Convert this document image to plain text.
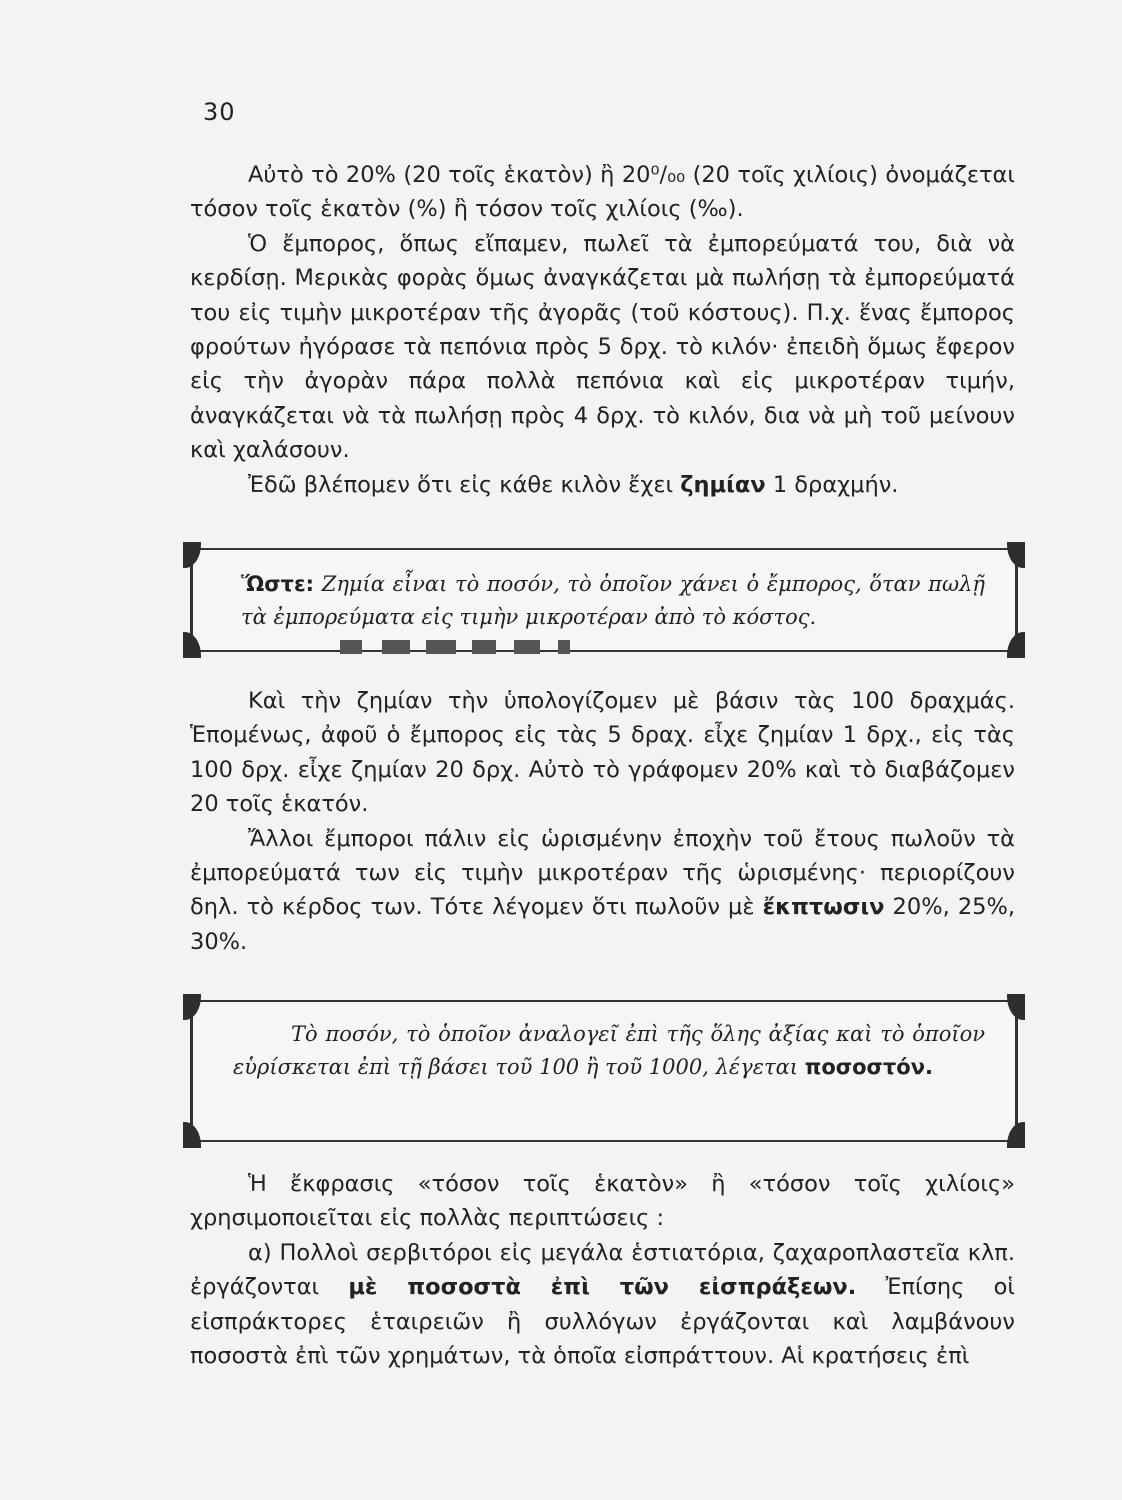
30
Αὐτὸ τὸ 20% (20 τοῖς ἑκατὸν) ἢ 20⁰/₀₀ (20 τοῖς χιλίοις) ὀνομάζεται τόσον τοῖς ἑκατὸν (%) ἢ τόσον τοῖς χιλίοις (‰).
Ὁ ἔμπορος, ὅπως εἴπαμεν, πωλεῖ τὰ ἐμπορεύματά του, διὰ νὰ κερδίσῃ. Μερικὰς φορὰς ὅμως ἀναγκάζεται μὰ πωλήσῃ τὰ ἐμπορεύματά του εἰς τιμὴν μικροτέραν τῆς ἀγορᾶς (τοῦ κόστους). Π.χ. ἕνας ἔμπορος φρούτων ἠγόρασε τὰ πεπόνια πρὸς 5 δρχ. τὸ κιλόν· ἐπειδὴ ὅμως ἔφερον εἰς τὴν ἀγορὰν πάρα πολλὰ πεπόνια καὶ εἰς μικροτέραν τιμήν, ἀναγκάζεται νὰ τὰ πωλήσῃ πρὸς 4 δρχ. τὸ κιλόν, δια νὰ μὴ τοῦ μείνουν καὶ χαλάσουν.
Ἐδῶ βλέπομεν ὅτι εἰς κάθε κιλὸν ἔχει ζημίαν 1 δραχμήν.
Ὥστε: Ζημία εἶναι τὸ ποσόν, τὸ ὁποῖον χάνει ὁ ἔμπορος, ὅταν πωλῇ τὰ ἐμπορεύματα εἰς τιμὴν μικροτέραν ἀπὸ τὸ κόστος.
Καὶ τὴν ζημίαν τὴν ὑπολογίζομεν μὲ βάσιν τὰς 100 δραχμάς. Ἑπομένως, ἀφοῦ ὁ ἔμπορος εἰς τὰς 5 δραχ. εἶχε ζημίαν 1 δρχ., εἰς τὰς 100 δρχ. εἶχε ζημίαν 20 δρχ. Αὐτὸ τὸ γράφομεν 20% καὶ τὸ διαβάζομεν 20 τοῖς ἑκατόν.
Ἄλλοι ἔμποροι πάλιν εἰς ὡρισμένην ἐποχὴν τοῦ ἔτους πωλοῦν τὰ ἐμπορεύματά των εἰς τιμὴν μικροτέραν τῆς ὡρισμένης· περιορίζουν δηλ. τὸ κέρδος των. Τότε λέγομεν ὅτι πωλοῦν μὲ ἔκπτωσιν 20%, 25%, 30%.
Τὸ ποσόν, τὸ ὁποῖον ἀναλογεῖ ἐπὶ τῆς ὅλης ἀξίας καὶ τὸ ὁποῖον εὑρίσκεται ἐπὶ τῇ βάσει τοῦ 100 ἢ τοῦ 1000, λέγεται ποσοστόν.
Ἡ ἔκφρασις «τόσον τοῖς ἑκατὸν» ἢ «τόσον τοῖς χιλίοις» χρησιμοποιεῖται εἰς πολλὰς περιπτώσεις :
α) Πολλοὶ σερβιτόροι εἰς μεγάλα ἑστιατόρια, ζαχαροπλαστεῖα κλπ. ἐργάζονται μὲ ποσοστὰ ἐπὶ τῶν εἰσπράξεων. Ἐπίσης οἱ εἰσπράκτορες ἑταιρειῶν ἢ συλλόγων ἐργάζονται καὶ λαμβάνουν ποσοστὰ ἐπὶ τῶν χρημάτων, τὰ ὁποῖα εἰσπράττουν. Αἱ κρατήσεις ἐπὶ
